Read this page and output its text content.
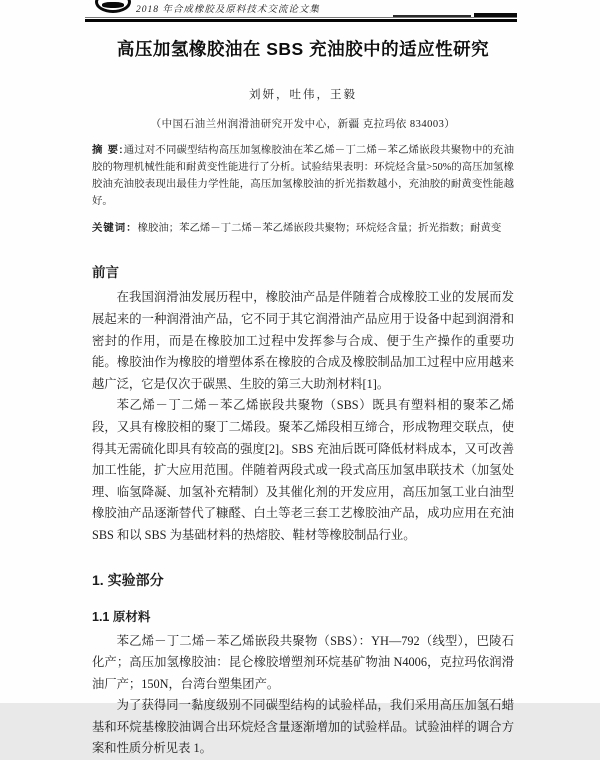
2018 年合成橡胶及原料技术交流论文集
高压加氢橡胶油在 SBS 充油胶中的适应性研究
刘妍，吐伟，王毅
（中国石油兰州润滑油研究开发中心，新疆 克拉玛依 834003）

摘 要:通过对不同碳型结构高压加氢橡胶油在苯乙烯－丁二烯－苯乙烯嵌段共聚物中的充油胶的物理机械性能和耐黄变性能进行了分析。试验结果表明：环烷烃含量>50%的高压加氢橡胶油充油胶表现出最佳力学性能，高压加氢橡胶油的折光指数越小，充油胶的耐黄变性能越好。

关键词：橡胶油；苯乙烯－丁二烯－苯乙烯嵌段共聚物；环烷烃含量；折光指数；耐黄变

前言

在我国润滑油发展历程中，橡胶油产品是伴随着合成橡胶工业的发展而发展起来的一种润滑油产品，它不同于其它润滑油产品应用于设备中起到润滑和密封的作用，而是在橡胶加工过程中发挥参与合成、便于生产操作的重要功能。橡胶油作为橡胶的增塑体系在橡胶的合成及橡胶制品加工过程中应用越来越广泛，它是仅次于碳黑、生胶的第三大助剂材料[1]。

苯乙烯－丁二烯－苯乙烯嵌段共聚物（SBS）既具有塑料相的聚苯乙烯段，又具有橡胶相的聚丁二烯段。聚苯乙烯段相互缔合，形成物理交联点，使得其无需硫化即具有较高的强度[2]。SBS 充油后既可降低材料成本，又可改善加工性能，扩大应用范围。伴随着两段式或一段式高压加氢串联技术（加氢处理、临氢降凝、加氢补充精制）及其催化剂的开发应用，高压加氢工业白油型橡胶油产品逐渐替代了糠醛、白土等老三套工艺橡胶油产品，成功应用在充油 SBS 和以 SBS 为基础材料的热熔胶、鞋材等橡胶制品行业。

1. 实验部分
1.1 原材料

苯乙烯－丁二烯－苯乙烯嵌段共聚物（SBS）：YH—792（线型），巴陵石化产；高压加氢橡胶油：昆仑橡胶增塑剂环烷基矿物油 N4006，克拉玛依润滑油厂产；150N，台湾台塑集团产。

为了获得同一黏度级别不同碳型结构的试验样品，我们采用高压加氢石蜡基和环烷基橡胶油调合出环烷烃含量逐渐增加的试验样品。试验油样的调合方案和性质分析见表 1。
